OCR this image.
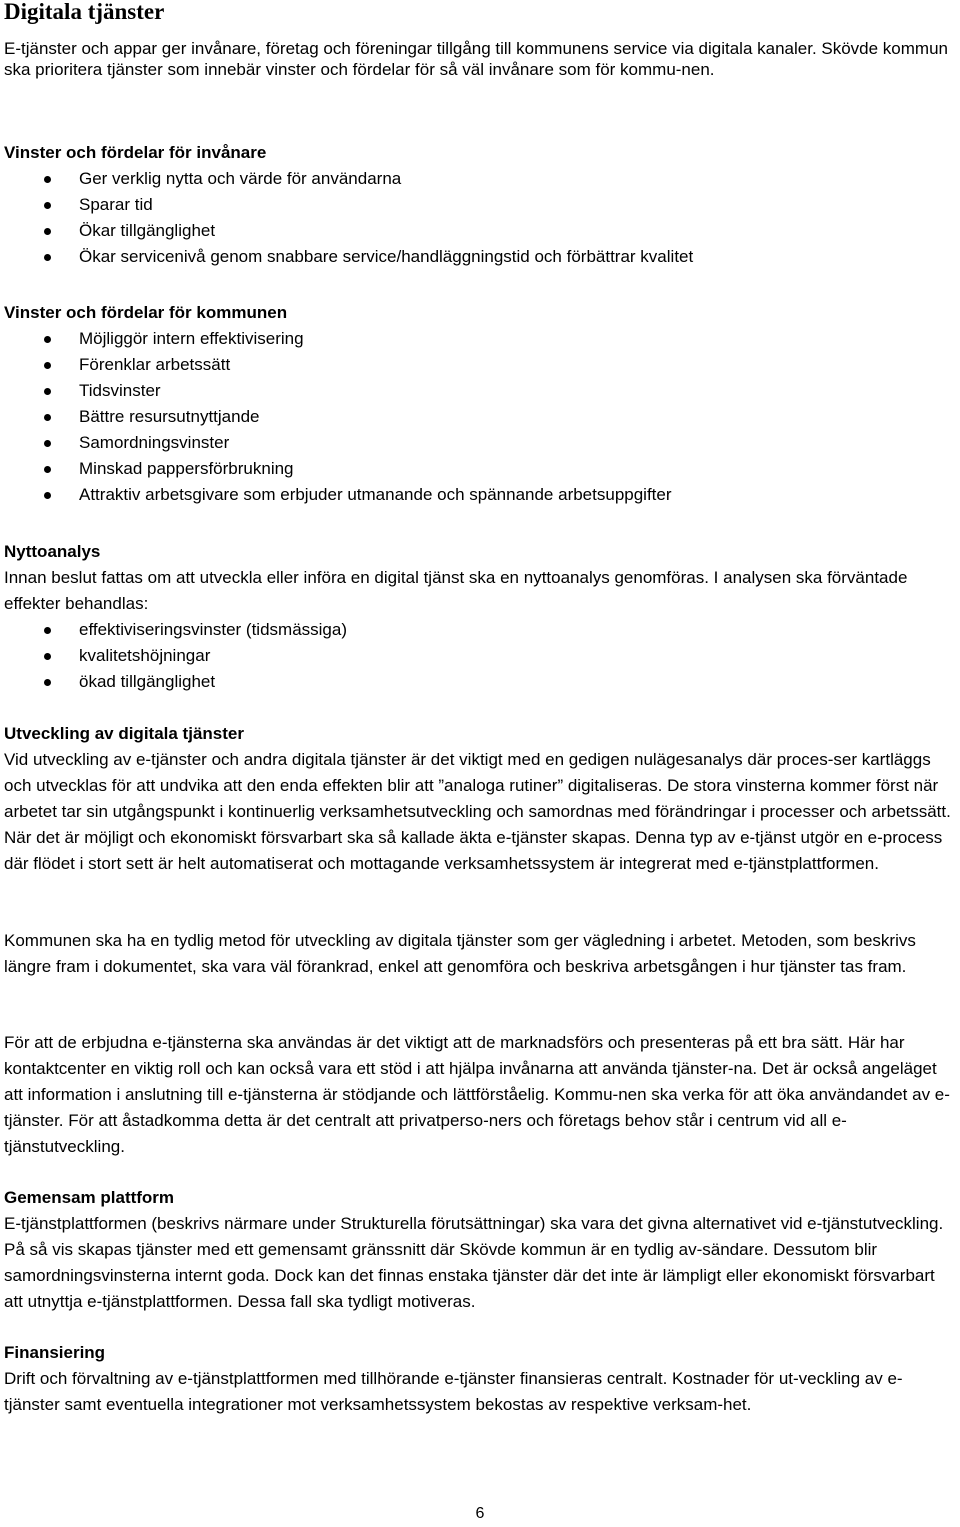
Digitala tjänster

E-tjänster och appar ger invånare, företag och föreningar tillgång till kommunens service via digitala kanaler. Skövde kommun ska prioritera tjänster som innebär vinster och fördelar för så väl invånare som för kommu-nen.

Vinster och fördelar för invånare
Ger verklig nytta och värde för användarna
Sparar tid
Ökar tillgänglighet
Ökar servicenivå genom snabbare service/handläggningstid och förbättrar kvalitet
Vinster och fördelar för kommunen
Möjliggör intern effektivisering
Förenklar arbetssätt
Tidsvinster
Bättre resursutnyttjande
Samordningsvinster
Minskad pappersförbrukning
Attraktiv arbetsgivare som erbjuder utmanande och spännande arbetsuppgifter
Nyttoanalys

Innan beslut fattas om att utveckla eller införa en digital tjänst ska en nyttoanalys genomföras. I analysen ska förväntade effekter behandlas:

effektiviseringsvinster (tidsmässiga)
kvalitetshöjningar
ökad tillgänglighet
Utveckling av digitala tjänster

Vid utveckling av e-tjänster och andra digitala tjänster är det viktigt med en gedigen nulägesanalys där proces-ser kartläggs och utvecklas för att undvika att den enda effekten blir att ”analoga rutiner” digitaliseras. De stora vinsterna kommer först när arbetet tar sin utgångspunkt i kontinuerlig verksamhetsutveckling och samordnas med förändringar i processer och arbetssätt. När det är möjligt och ekonomiskt försvarbart ska så kallade äkta e-tjänster skapas. Denna typ av e-tjänst utgör en e-process där flödet i stort sett är helt automatiserat och mottagande verksamhetssystem är integrerat med e-tjänstplattformen.

Kommunen ska ha en tydlig metod för utveckling av digitala tjänster som ger vägledning i arbetet. Metoden, som beskrivs längre fram i dokumentet, ska vara väl förankrad, enkel att genomföra och beskriva arbetsgången i hur tjänster tas fram.

För att de erbjudna e-tjänsterna ska användas är det viktigt att de marknadsförs och presenteras på ett bra sätt. Här har kontaktcenter en viktig roll och kan också vara ett stöd i att hjälpa invånarna att använda tjänster-na. Det är också angeläget att information i anslutning till e-tjänsterna är stödjande och lättförståelig. Kommu-nen ska verka för att öka användandet av e-tjänster. För att åstadkomma detta är det centralt att privatperso-ners och företags behov står i centrum vid all e-tjänstutveckling.

Gemensam plattform

E-tjänstplattformen (beskrivs närmare under Strukturella förutsättningar) ska vara det givna alternativet vid e-tjänstutveckling. På så vis skapas tjänster med ett gemensamt gränssnitt där Skövde kommun är en tydlig av-sändare. Dessutom blir samordningsvinsterna internt goda. Dock kan det finnas enstaka tjänster där det inte är lämpligt eller ekonomiskt försvarbart att utnyttja e-tjänstplattformen. Dessa fall ska tydligt motiveras.

Finansiering

Drift och förvaltning av e-tjänstplattformen med tillhörande e-tjänster finansieras centralt. Kostnader för ut-veckling av e-tjänster samt eventuella integrationer mot verksamhetssystem bekostas av respektive verksam-het.

6
